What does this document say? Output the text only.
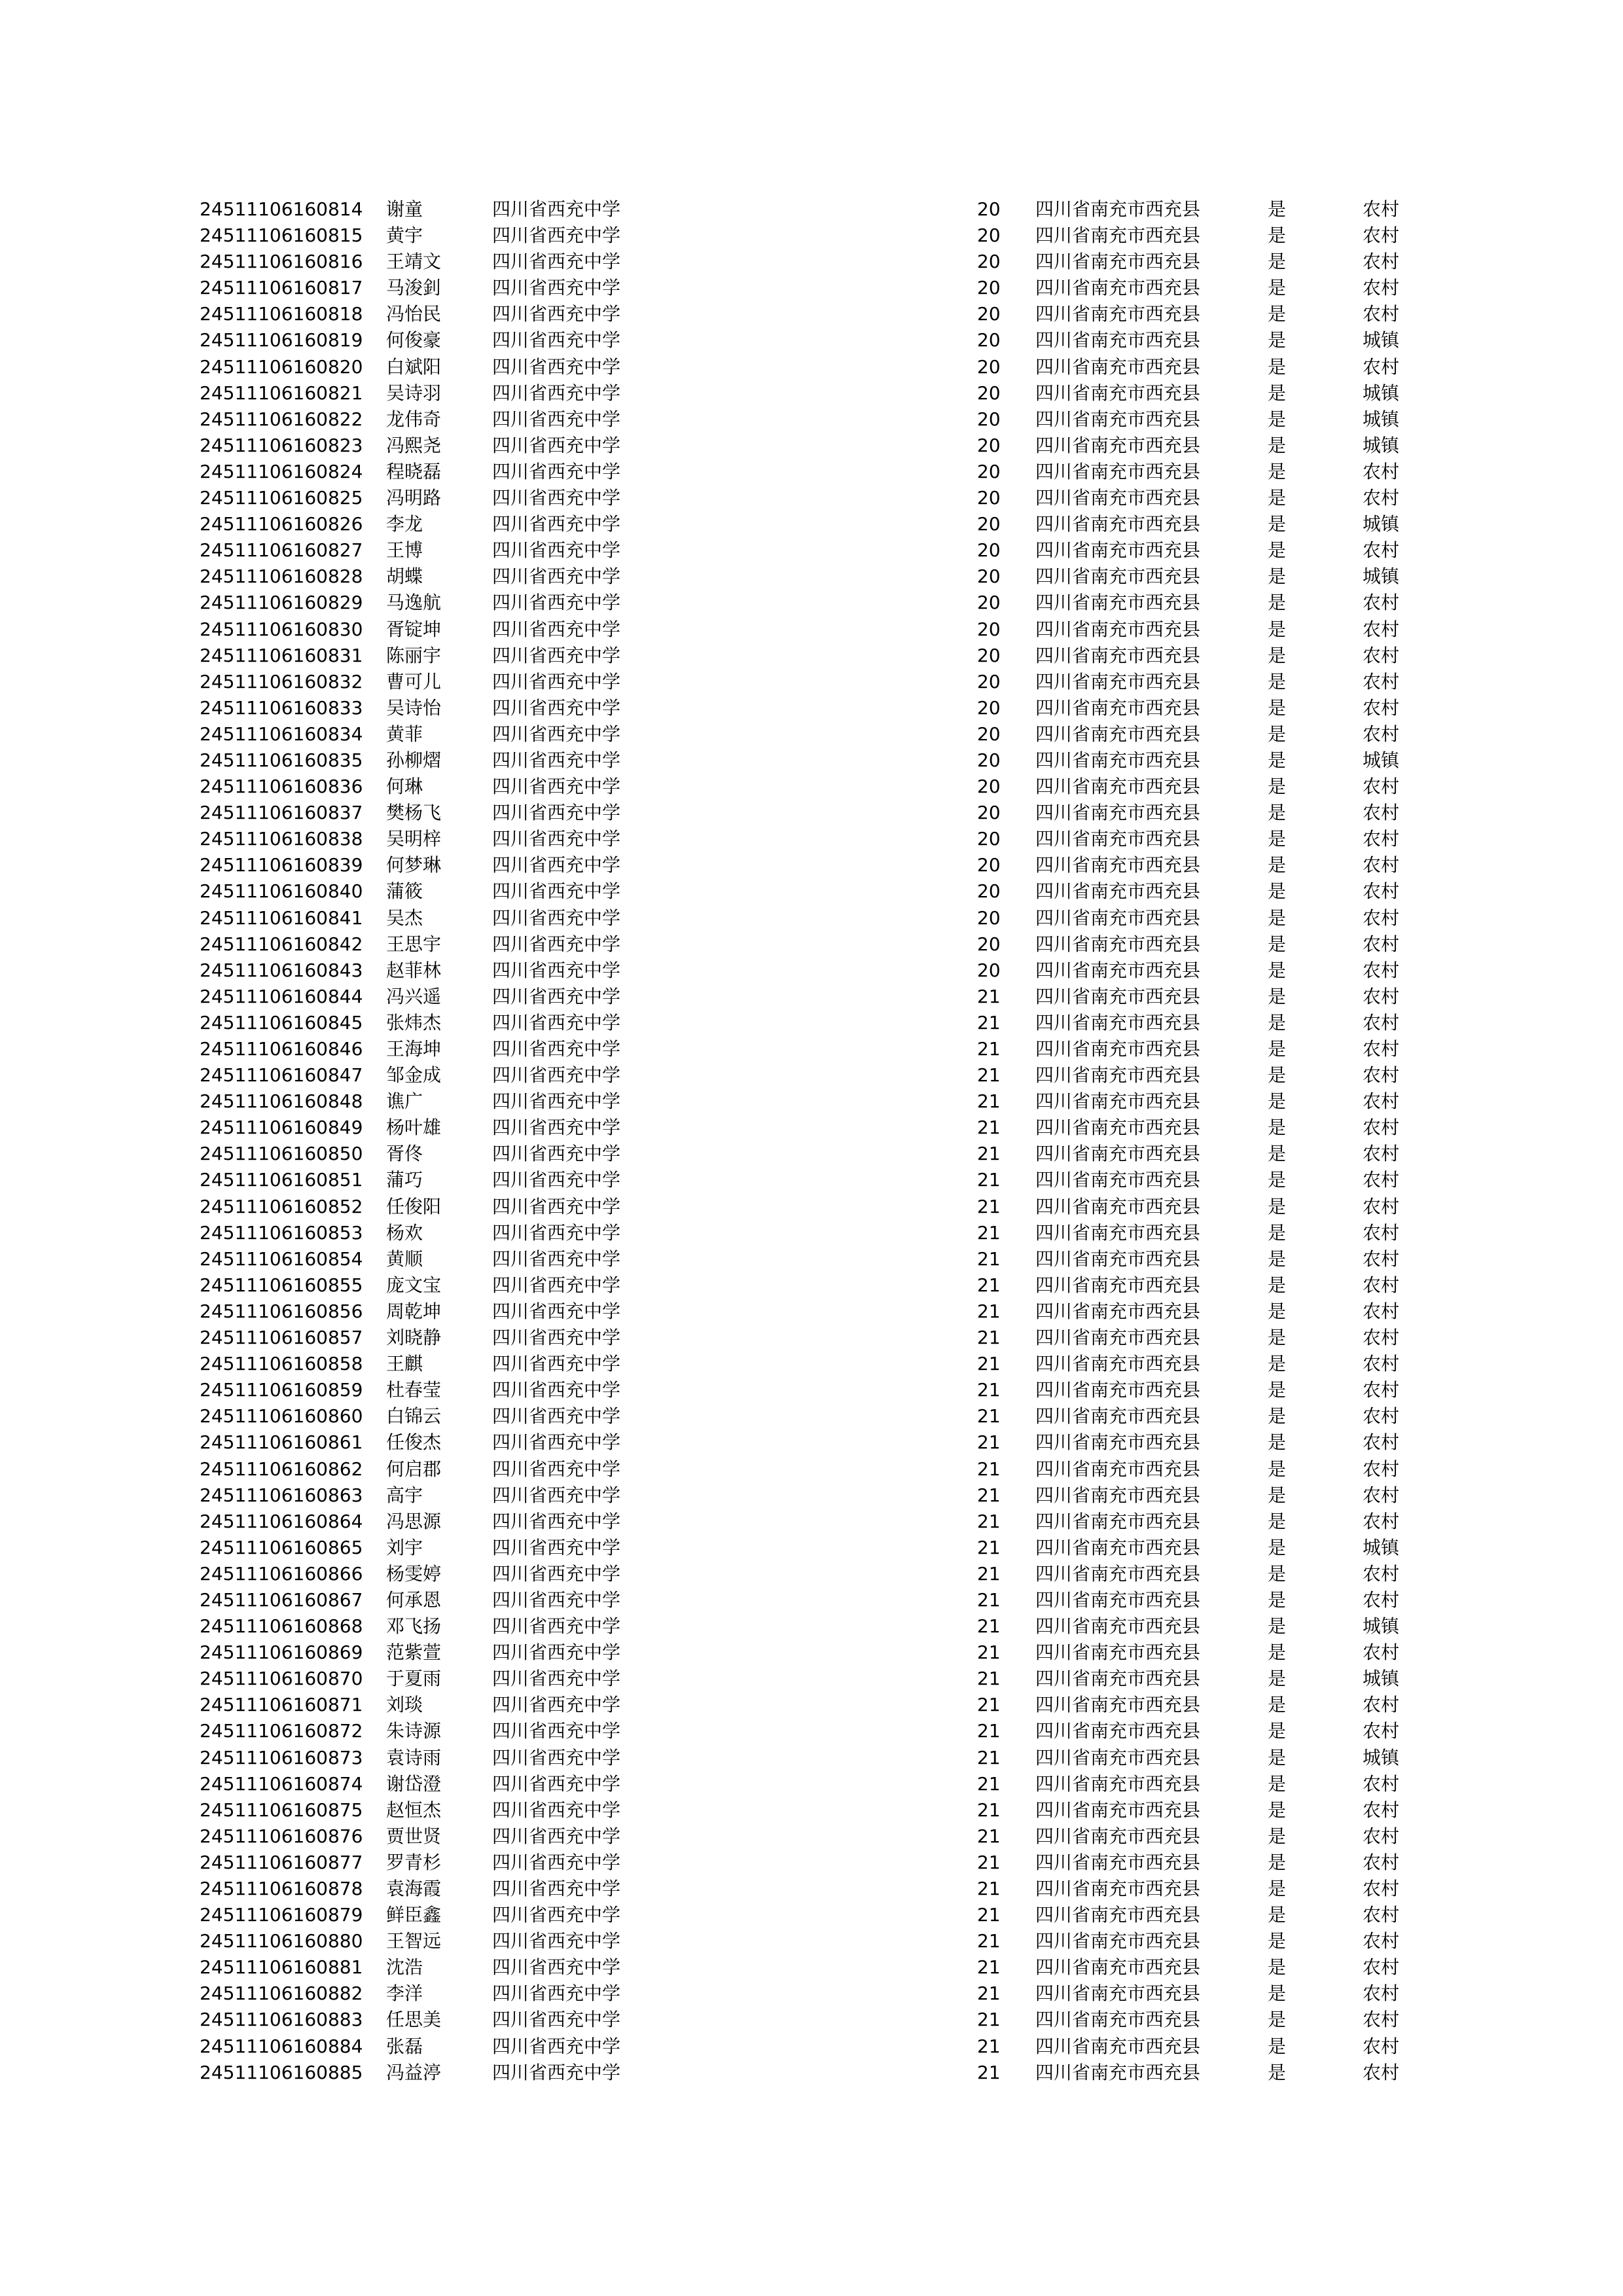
24511106160814 谢童	四川省西充中学	20 四川省南充市西充县	是	农村
24511106160815 黄宇	四川省西充中学	20 四川省南充市西充县	是	农村
24511106160816 王靖文	四川省西充中学	20 四川省南充市西充县	是	农村
24511106160817 马浚釗	四川省西充中学	20 四川省南充市西充县	是	农村
24511106160818 冯怡民	四川省西充中学	20 四川省南充市西充县	是	农村
24511106160819 何俊豪	四川省西充中学	20 四川省南充市西充县	是	城镇
24511106160820 白斌阳	四川省西充中学	20 四川省南充市西充县	是	农村
24511106160821 吴诗羽	四川省西充中学	20 四川省南充市西充县	是	城镇
24511106160822 龙伟奇	四川省西充中学	20 四川省南充市西充县	是	城镇
24511106160823 冯熙尧	四川省西充中学	20 四川省南充市西充县	是	城镇
24511106160824 程晓磊	四川省西充中学	20 四川省南充市西充县	是	农村
24511106160825 冯明路	四川省西充中学	20 四川省南充市西充县	是	农村
24511106160826 李龙	四川省西充中学	20 四川省南充市西充县	是	城镇
24511106160827 王博	四川省西充中学	20 四川省南充市西充县	是	农村
24511106160828 胡蝶	四川省西充中学	20 四川省南充市西充县	是	城镇
24511106160829 马逸航	四川省西充中学	20 四川省南充市西充县	是	农村
24511106160830 胥锭坤	四川省西充中学	20 四川省南充市西充县	是	农村
24511106160831 陈丽宇	四川省西充中学	20 四川省南充市西充县	是	农村
24511106160832 曹可儿	四川省西充中学	20 四川省南充市西充县	是	农村
24511106160833 吴诗怡	四川省西充中学	20 四川省南充市西充县	是	农村
24511106160834 黄菲	四川省西充中学	20 四川省南充市西充县	是	农村
24511106160835 孙柳熠	四川省西充中学	20 四川省南充市西充县	是	城镇
24511106160836 何琳	四川省西充中学	20 四川省南充市西充县	是	农村
24511106160837 樊杨飞	四川省西充中学	20 四川省南充市西充县	是	农村
24511106160838 吴明梓	四川省西充中学	20 四川省南充市西充县	是	农村
24511106160839 何梦琳	四川省西充中学	20 四川省南充市西充县	是	农村
24511106160840 蒲筱	四川省西充中学	20 四川省南充市西充县	是	农村
24511106160841 吴杰	四川省西充中学	20 四川省南充市西充县	是	农村
24511106160842 王思宇	四川省西充中学	20 四川省南充市西充县	是	农村
24511106160843 赵菲林	四川省西充中学	20 四川省南充市西充县	是	农村
24511106160844 冯兴遥	四川省西充中学	21 四川省南充市西充县	是	农村
24511106160845 张炜杰	四川省西充中学	21 四川省南充市西充县	是	农村
24511106160846 王海坤	四川省西充中学	21 四川省南充市西充县	是	农村
24511106160847 邹金成	四川省西充中学	21 四川省南充市西充县	是	农村
24511106160848 谯广	四川省西充中学	21 四川省南充市西充县	是	农村
24511106160849 杨叶雄	四川省西充中学	21 四川省南充市西充县	是	农村
24511106160850 胥佟	四川省西充中学	21 四川省南充市西充县	是	农村
24511106160851 蒲巧	四川省西充中学	21 四川省南充市西充县	是	农村
24511106160852 任俊阳	四川省西充中学	21 四川省南充市西充县	是	农村
24511106160853 杨欢	四川省西充中学	21 四川省南充市西充县	是	农村
24511106160854 黄顺	四川省西充中学	21 四川省南充市西充县	是	农村
24511106160855 庞文宝	四川省西充中学	21 四川省南充市西充县	是	农村
24511106160856 周乾坤	四川省西充中学	21 四川省南充市西充县	是	农村
24511106160857 刘晓静	四川省西充中学	21 四川省南充市西充县	是	农村
24511106160858 王麒	四川省西充中学	21 四川省南充市西充县	是	农村
24511106160859 杜春莹	四川省西充中学	21 四川省南充市西充县	是	农村
24511106160860 白锦云	四川省西充中学	21 四川省南充市西充县	是	农村
24511106160861 任俊杰	四川省西充中学	21 四川省南充市西充县	是	农村
24511106160862 何启郡	四川省西充中学	21 四川省南充市西充县	是	农村
24511106160863 高宇	四川省西充中学	21 四川省南充市西充县	是	农村
24511106160864 冯思源	四川省西充中学	21 四川省南充市西充县	是	农村
24511106160865 刘宇	四川省西充中学	21 四川省南充市西充县	是	城镇
24511106160866 杨雯婷	四川省西充中学	21 四川省南充市西充县	是	农村
24511106160867 何承恩	四川省西充中学	21 四川省南充市西充县	是	农村
24511106160868 邓飞扬	四川省西充中学	21 四川省南充市西充县	是	城镇
24511106160869 范紫萱	四川省西充中学	21 四川省南充市西充县	是	农村
24511106160870 于夏雨	四川省西充中学	21 四川省南充市西充县	是	城镇
24511106160871 刘琰	四川省西充中学	21 四川省南充市西充县	是	农村
24511106160872 朱诗源	四川省西充中学	21 四川省南充市西充县	是	农村
24511106160873 袁诗雨	四川省西充中学	21 四川省南充市西充县	是	城镇
24511106160874 谢岱澄	四川省西充中学	21 四川省南充市西充县	是	农村
24511106160875 赵恒杰	四川省西充中学	21 四川省南充市西充县	是	农村
24511106160876 贾世贤	四川省西充中学	21 四川省南充市西充县	是	农村
24511106160877 罗青杉	四川省西充中学	21 四川省南充市西充县	是	农村
24511106160878 袁海霞	四川省西充中学	21 四川省南充市西充县	是	农村
24511106160879 鲜臣鑫	四川省西充中学	21 四川省南充市西充县	是	农村
24511106160880 王智远	四川省西充中学	21 四川省南充市西充县	是	农村
24511106160881 沈浩	四川省西充中学	21 四川省南充市西充县	是	农村
24511106160882 李洋	四川省西充中学	21 四川省南充市西充县	是	农村
24511106160883 任思美	四川省西充中学	21 四川省南充市西充县	是	农村
24511106160884 张磊	四川省西充中学	21 四川省南充市西充县	是	农村
24511106160885 冯益渟	四川省西充中学	21 四川省南充市西充县	是	农村
